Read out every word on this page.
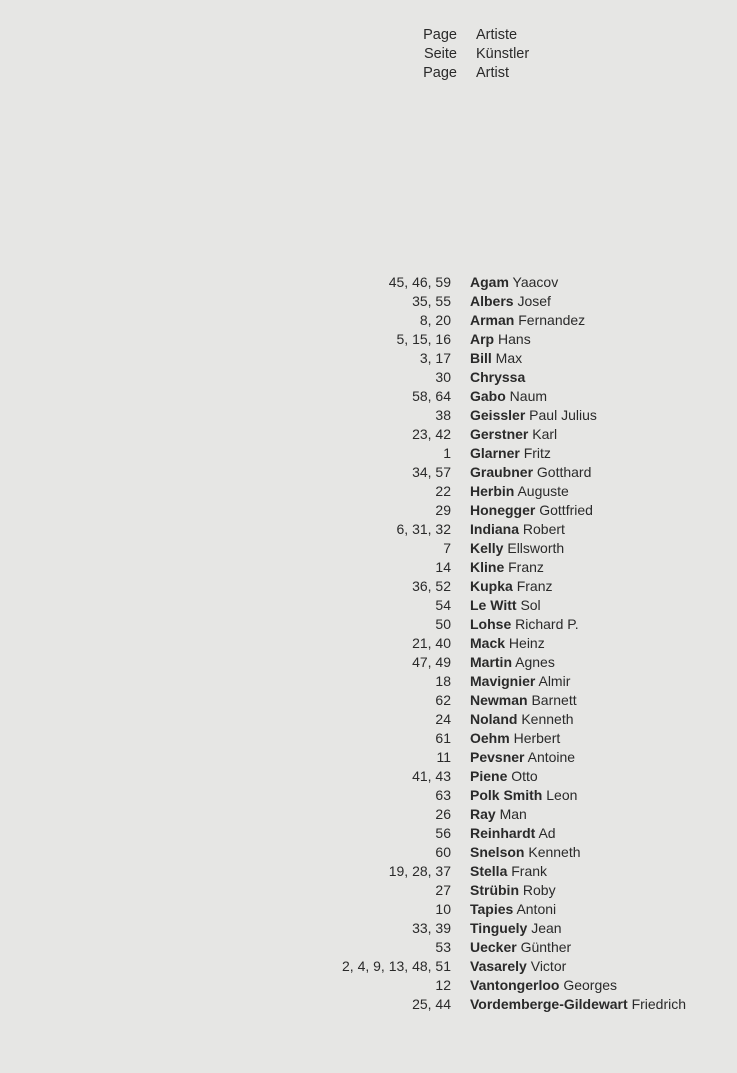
Page Artiste
Seite Künstler
Page Artist
45, 46, 59 Agam Yaacov
35, 55 Albers Josef
8, 20 Arman Fernandez
5, 15, 16 Arp Hans
3, 17 Bill Max
30 Chryssa
58, 64 Gabo Naum
38 Geissler Paul Julius
23, 42 Gerstner Karl
1 Glarner Fritz
34, 57 Graubner Gotthard
22 Herbin Auguste
29 Honegger Gottfried
6, 31, 32 Indiana Robert
7 Kelly Ellsworth
14 Kline Franz
36, 52 Kupka Franz
54 Le Witt Sol
50 Lohse Richard P.
21, 40 Mack Heinz
47, 49 Martin Agnes
18 Mavignier Almir
62 Newman Barnett
24 Noland Kenneth
61 Oehm Herbert
11 Pevsner Antoine
41, 43 Piene Otto
63 Polk Smith Leon
26 Ray Man
56 Reinhardt Ad
60 Snelson Kenneth
19, 28, 37 Stella Frank
27 Strübin Roby
10 Tapies Antoni
33, 39 Tinguely Jean
53 Uecker Günther
2, 4, 9, 13, 48, 51 Vasarely Victor
12 Vantongerloo Georges
25, 44 Vordemberge-Gildewart Friedrich
